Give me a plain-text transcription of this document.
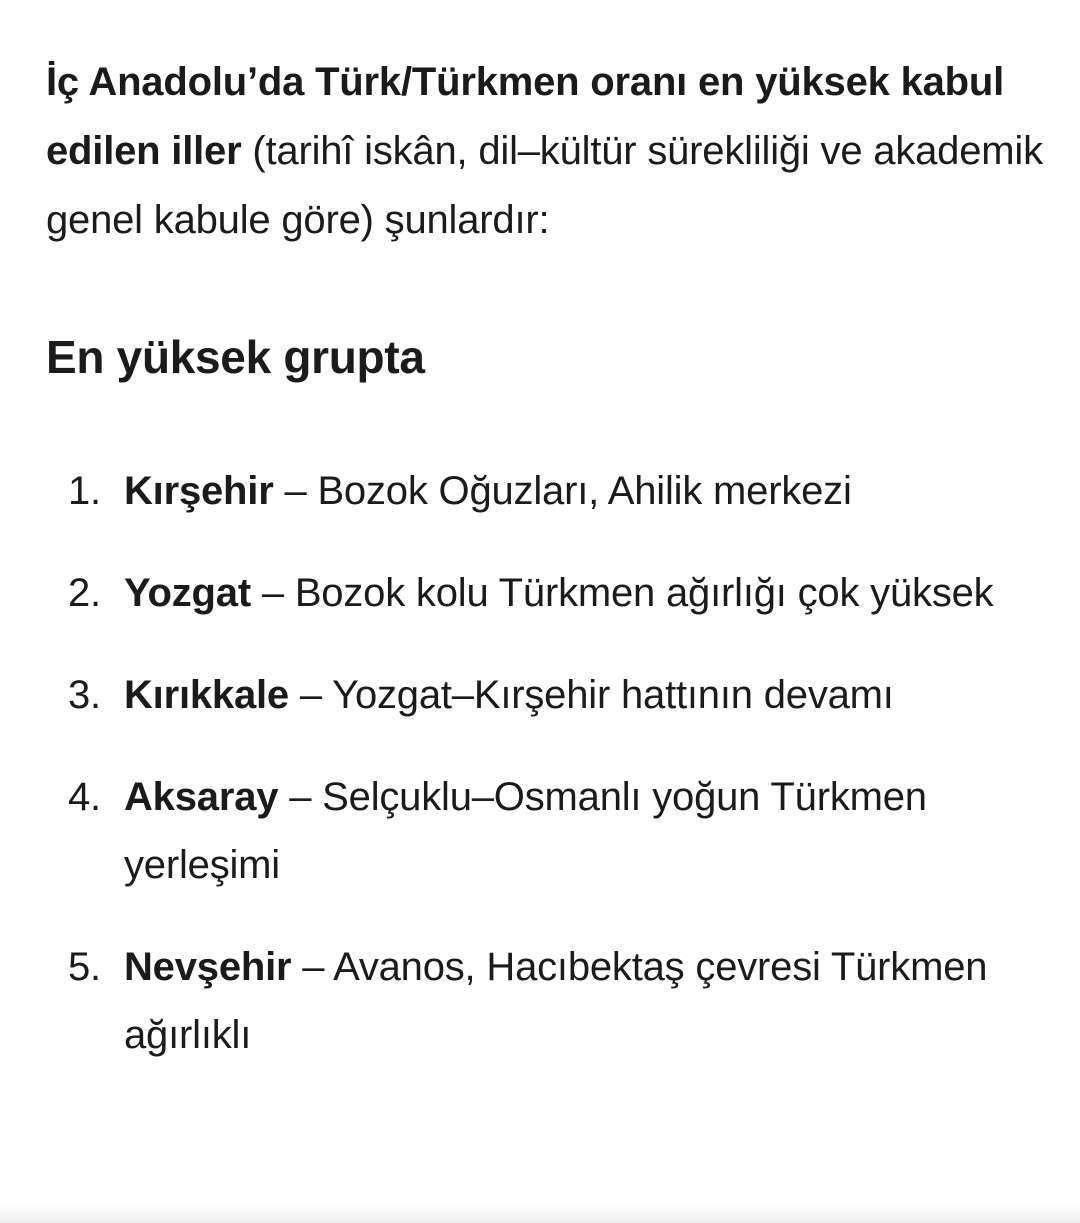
İç Anadolu’da Türk/Türkmen oranı en yüksek kabul edilen iller (tarihî iskân, dil–kültür sürekliliği ve akademik genel kabule göre) şunlardır:

En yüksek grupta
1. Kırşehir – Bozok Oğuzları, Ahilik merkezi
2. Yozgat – Bozok kolu Türkmen ağırlığı çok yüksek
3. Kırıkkale – Yozgat–Kırşehir hattının devamı
4. Aksaray – Selçuklu–Osmanlı yoğun Türkmen yerleşimi
5. Nevşehir – Avanos, Hacıbektaş çevresi Türkmen ağırlıklı
